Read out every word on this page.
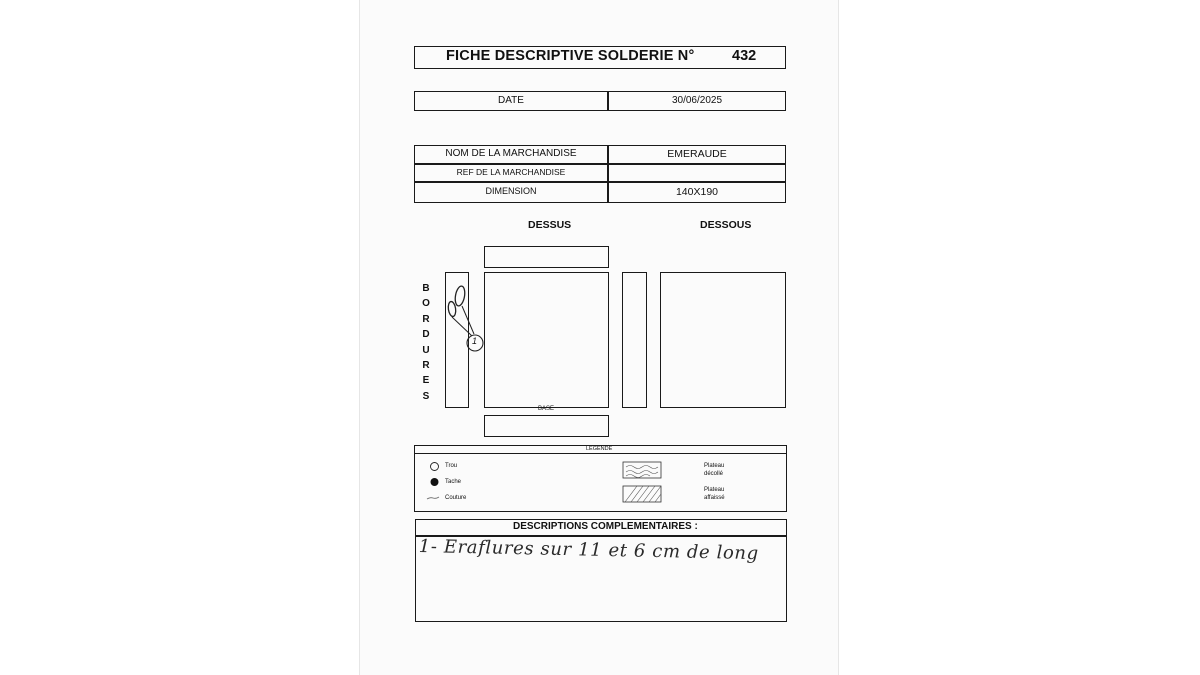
FICHE DESCRIPTIVE SOLDERIE N°	432
DATE	30/06/2025
NOM DE LA MARCHANDISE	EMERAUDE
REF DE LA MARCHANDISE
DIMENSION	140X190
DESSUS	DESSOUS
B
O
R
D
U
R
E
S
BASE
1
LEGENDE
Trou
Tache
Couture
Plateau
décollé
Plateau
affaissé
DESCRIPTIONS COMPLEMENTAIRES :
1- Eraflures sur 11 et 6 cm de long
